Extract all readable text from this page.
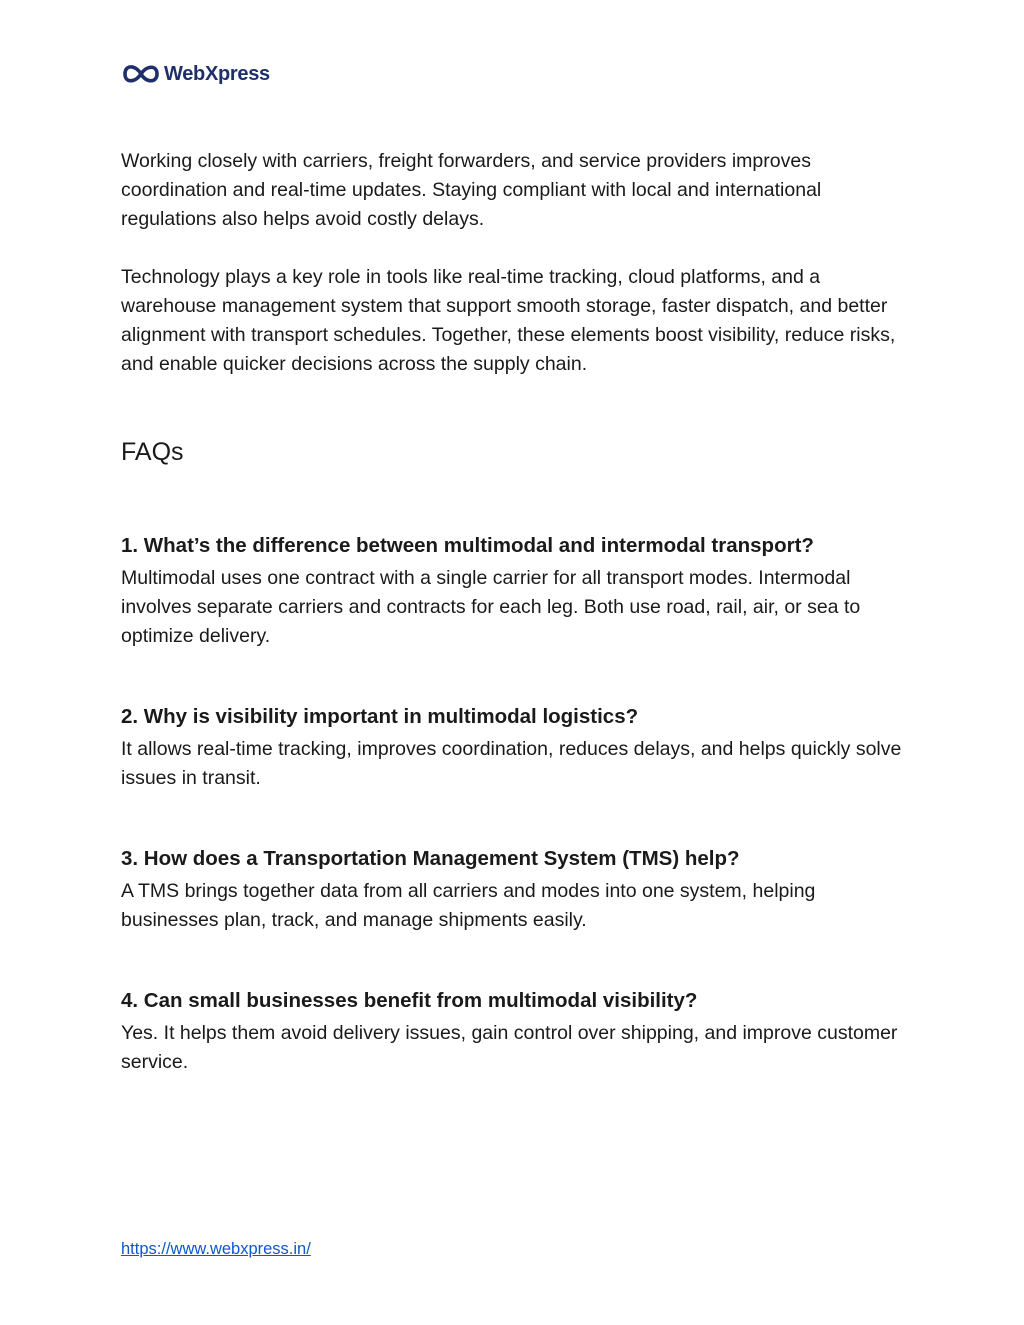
WebXpress

Working closely with carriers, freight forwarders, and service providers improves coordination and real-time updates. Staying compliant with local and international regulations also helps avoid costly delays.

Technology plays a key role in tools like real-time tracking, cloud platforms, and a warehouse management system that support smooth storage, faster dispatch, and better alignment with transport schedules. Together, these elements boost visibility, reduce risks, and enable quicker decisions across the supply chain.

FAQs

1. What’s the difference between multimodal and intermodal transport?

Multimodal uses one contract with a single carrier for all transport modes. Intermodal involves separate carriers and contracts for each leg. Both use road, rail, air, or sea to optimize delivery.

2. Why is visibility important in multimodal logistics?

It allows real-time tracking, improves coordination, reduces delays, and helps quickly solve issues in transit.

3. How does a Transportation Management System (TMS) help?

A TMS brings together data from all carriers and modes into one system, helping businesses plan, track, and manage shipments easily.

4. Can small businesses benefit from multimodal visibility?

Yes. It helps them avoid delivery issues, gain control over shipping, and improve customer service.

https://www.webxpress.in/
